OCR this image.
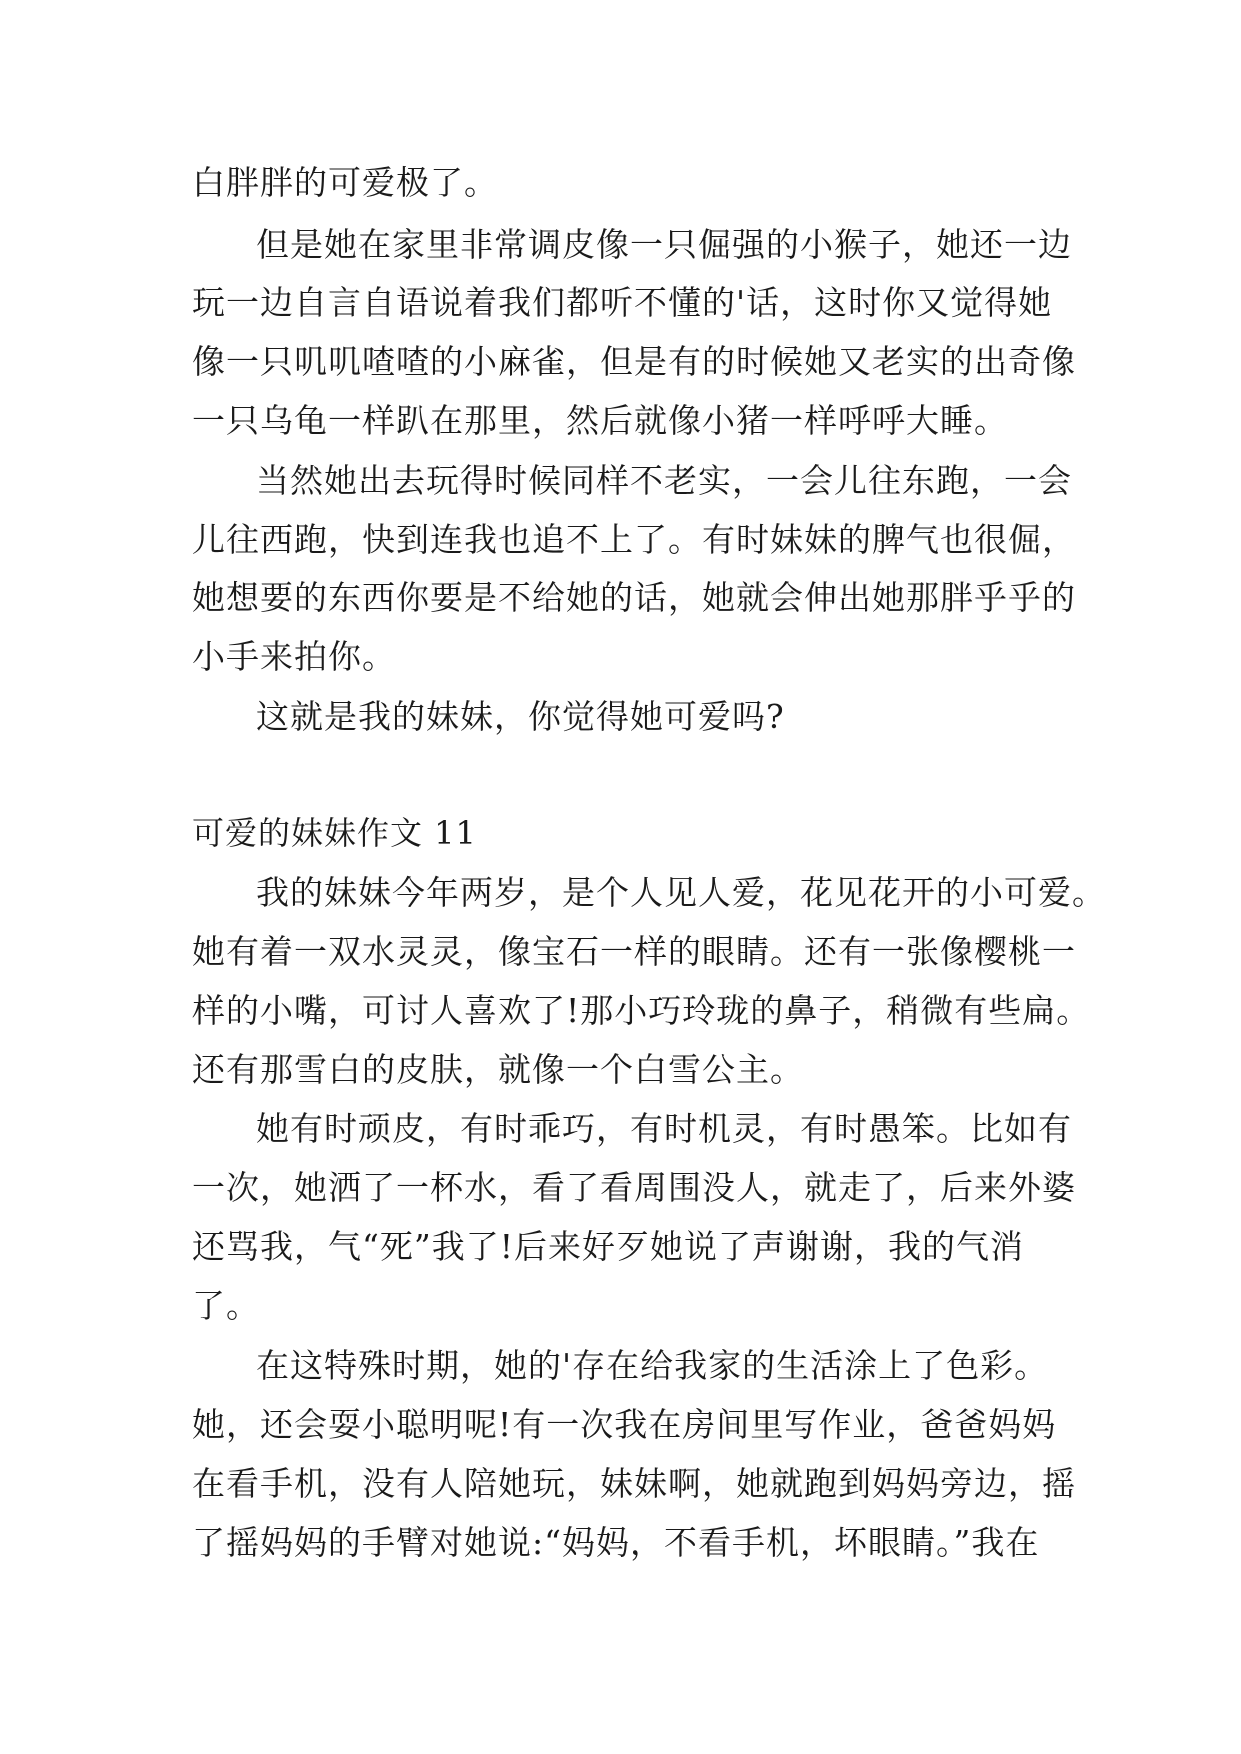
白胖胖的可爱极了。
但是她在家里非常调皮像一只倔强的小猴子，她还一边
玩一边自言自语说着我们都听不懂的'话，这时你又觉得她
像一只叽叽喳喳的小麻雀，但是有的时候她又老实的出奇像
一只乌龟一样趴在那里，然后就像小猪一样呼呼大睡。
当然她出去玩得时候同样不老实，一会儿往东跑，一会
儿往西跑，快到连我也追不上了。有时妹妹的脾气也很倔，
她想要的东西你要是不给她的话，她就会伸出她那胖乎乎的
小手来拍你。
这就是我的妹妹，你觉得她可爱吗?
可爱的妹妹作文 11
我的妹妹今年两岁，是个人见人爱，花见花开的小可爱。
她有着一双水灵灵，像宝石一样的眼睛。还有一张像樱桃一
样的小嘴，可讨人喜欢了!那小巧玲珑的鼻子，稍微有些扁。
还有那雪白的皮肤，就像一个白雪公主。
她有时顽皮，有时乖巧，有时机灵，有时愚笨。比如有
一次，她洒了一杯水，看了看周围没人，就走了，后来外婆
还骂我，气“死”我了!后来好歹她说了声谢谢，我的气消
了。
在这特殊时期，她的'存在给我家的生活涂上了色彩。
她，还会耍小聪明呢!有一次我在房间里写作业，爸爸妈妈
在看手机，没有人陪她玩，妹妹啊，她就跑到妈妈旁边，摇
了摇妈妈的手臂对她说:“妈妈，不看手机，坏眼睛。”我在
